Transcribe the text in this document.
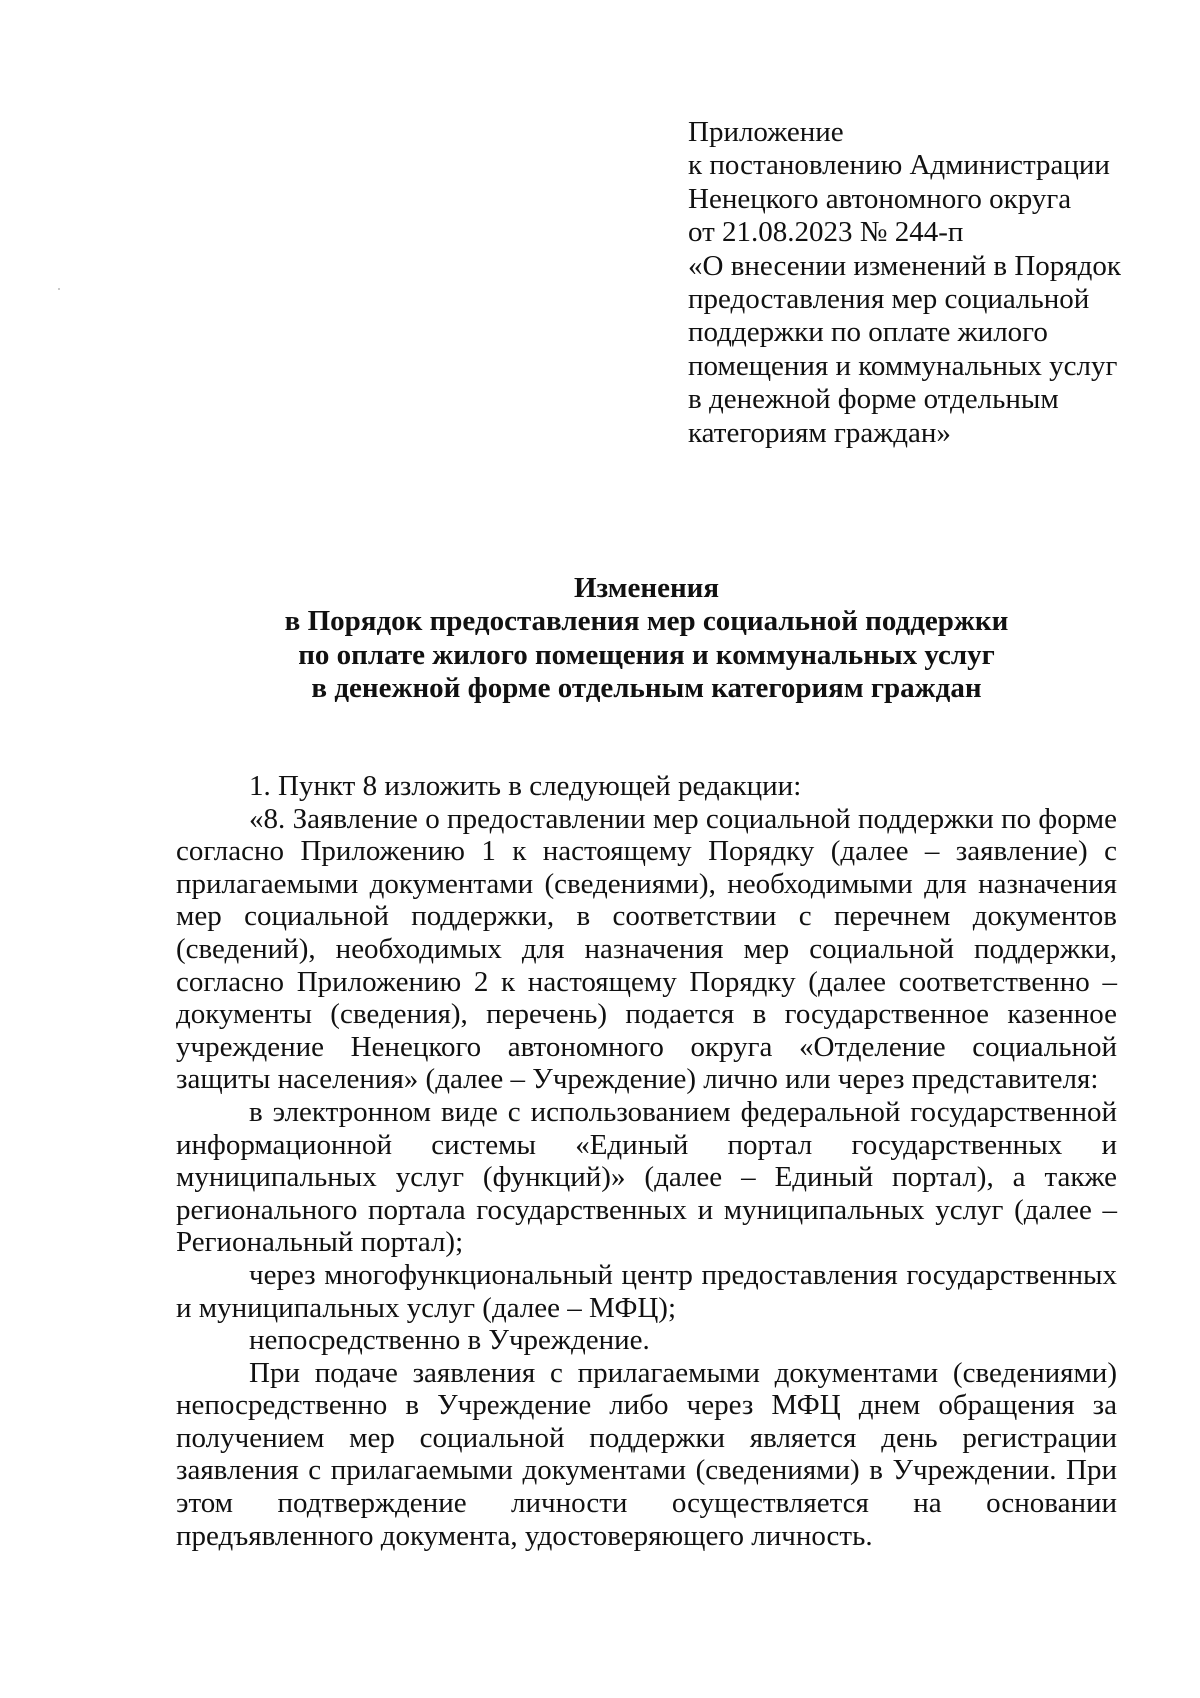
Приложение
к постановлению Администрации
Ненецкого автономного округа
от 21.08.2023 № 244-п
«О внесении изменений в Порядок
предоставления мер социальной
поддержки по оплате жилого
помещения и коммунальных услуг
в денежной форме отдельным
категориям граждан»
Изменения
в Порядок предоставления мер социальной поддержки
по оплате жилого помещения и коммунальных услуг
в денежной форме отдельным категориям граждан

1. Пункт 8 изложить в следующей редакции:

«8. Заявление о предоставлении мер социальной поддержки по форме согласно Приложению 1 к настоящему Порядку (далее – заявление) с прилагаемыми документами (сведениями), необходимыми для назначения мер социальной поддержки, в соответствии с перечнем документов (сведений), необходимых для назначения мер социальной поддержки, согласно Приложению 2 к настоящему Порядку (далее соответственно – документы (сведения), перечень) подается в государственное казенное учреждение Ненецкого автономного округа «Отделение социальной защиты населения» (далее – Учреждение) лично или через представителя:

в электронном виде с использованием федеральной государственной информационной системы «Единый портал государственных и муниципальных услуг (функций)» (далее – Единый портал), а также регионального портала государственных и муниципальных услуг (далее – Региональный портал);

через многофункциональный центр предоставления государственных и муниципальных услуг (далее – МФЦ);

непосредственно в Учреждение.

При подаче заявления с прилагаемыми документами (сведениями) непосредственно в Учреждение либо через МФЦ днем обращения за получением мер социальной поддержки является день регистрации заявления с прилагаемыми документами (сведениями) в Учреждении. При этом подтверждение личности осуществляется на основании предъявленного документа, удостоверяющего личность.
